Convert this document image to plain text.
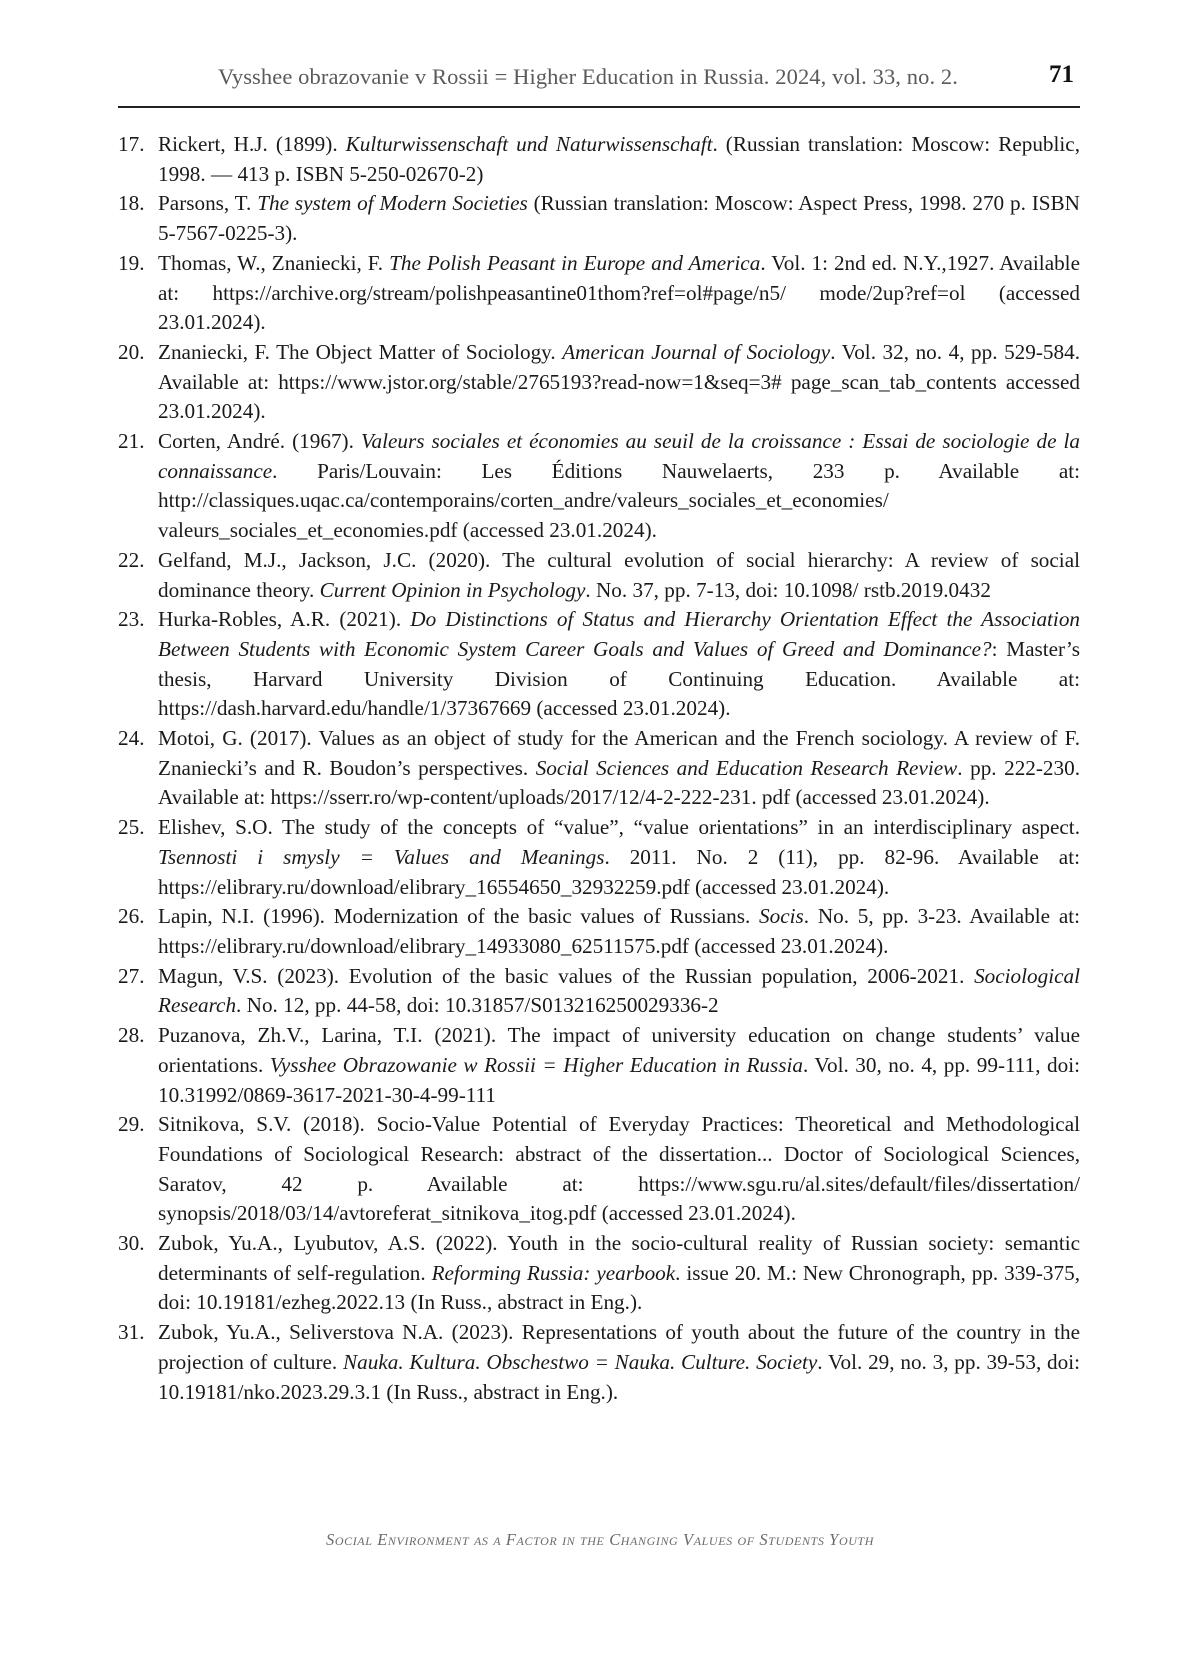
Vysshee obrazovanie v Rossii = Higher Education in Russia. 2024, vol. 33, no. 2.	71
17. Rickert, H.J. (1899). Kulturwissenschaft und Naturwissenschaft. (Russian translation: Moscow: Republic, 1998. — 413 p. ISBN 5-250-02670-2)
18. Parsons, T. The system of Modern Societies (Russian translation: Moscow: Aspect Press, 1998. 270 p. ISBN 5-7567-0225-3).
19. Thomas, W., Znaniecki, F. The Polish Peasant in Europe and America. Vol. 1: 2nd ed. N.Y.,1927. Available at: https://archive.org/stream/polishpeasantine01thom?ref=ol#page/n5/ mode/2up?ref=ol (accessed 23.01.2024).
20. Znaniecki, F. The Object Matter of Sociology. American Journal of Sociology. Vol. 32, no. 4, pp. 529-584. Available at: https://www.jstor.org/stable/2765193?read-now=1&seq=3# page_scan_tab_contents accessed 23.01.2024).
21. Corten, André. (1967). Valeurs sociales et économies au seuil de la croissance : Essai de sociologie de la connaissance. Paris/Louvain: Les Éditions Nauwelaerts, 233 p. Available at: http://classiques.uqac.ca/contemporains/corten_andre/valeurs_sociales_et_economies/ valeurs_sociales_et_economies.pdf (accessed 23.01.2024).
22. Gelfand, M.J., Jackson, J.C. (2020). The cultural evolution of social hierarchy: A review of social dominance theory. Current Opinion in Psychology. No. 37, pp. 7-13, doi: 10.1098/ rstb.2019.0432
23. Hurka-Robles, A.R. (2021). Do Distinctions of Status and Hierarchy Orientation Effect the Association Between Students with Economic System Career Goals and Values of Greed and Dominance?: Master’s thesis, Harvard University Division of Continuing Education. Available at: https://dash.harvard.edu/handle/1/37367669 (accessed 23.01.2024).
24. Motoi, G. (2017). Values as an object of study for the American and the French sociology. A review of F. Znaniecki’s and R. Boudon’s perspectives. Social Sciences and Education Research Review. pp. 222-230. Available at: https://sserr.ro/wp-content/uploads/2017/12/4-2-222-231. pdf (accessed 23.01.2024).
25. Elishev, S.O. The study of the concepts of “value”, “value orientations” in an interdisciplinary aspect. Tsennosti i smysly = Values and Meanings. 2011. No. 2 (11), pp. 82-96. Available at: https://elibrary.ru/download/elibrary_16554650_32932259.pdf (accessed 23.01.2024).
26. Lapin, N.I. (1996). Modernization of the basic values of Russians. Socis. No. 5, pp. 3-23. Available at: https://elibrary.ru/download/elibrary_14933080_62511575.pdf (accessed 23.01.2024).
27. Magun, V.S. (2023). Evolution of the basic values of the Russian population, 2006-2021. Sociological Research. No. 12, pp. 44-58, doi: 10.31857/S013216250029336-2
28. Puzanova, Zh.V., Larina, T.I. (2021). The impact of university education on change students’ value orientations. Vysshee Obrazowanie w Rossii = Higher Education in Russia. Vol. 30, no. 4, pp. 99-111, doi: 10.31992/0869-3617-2021-30-4-99-111
29. Sitnikova, S.V. (2018). Socio-Value Potential of Everyday Practices: Theoretical and Methodological Foundations of Sociological Research: abstract of the dissertation... Doctor of Sociological Sciences, Saratov, 42 p. Available at: https://www.sgu.ru/al.sites/default/files/dissertation/ synopsis/2018/03/14/avtoreferat_sitnikova_itog.pdf (accessed 23.01.2024).
30. Zubok, Yu.A., Lyubutov, A.S. (2022). Youth in the socio-cultural reality of Russian society: semantic determinants of self-regulation. Reforming Russia: yearbook. issue 20. M.: New Chronograph, pp. 339-375, doi: 10.19181/ezheg.2022.13 (In Russ., abstract in Eng.).
31. Zubok, Yu.A., Seliverstova N.A. (2023). Representations of youth about the future of the country in the projection of culture. Nauka. Kultura. Obschestwo = Nauka. Culture. Society. Vol. 29, no. 3, pp. 39-53, doi: 10.19181/nko.2023.29.3.1 (In Russ., abstract in Eng.).
Social Environment as a Factor in the Changing Values of Students Youth
